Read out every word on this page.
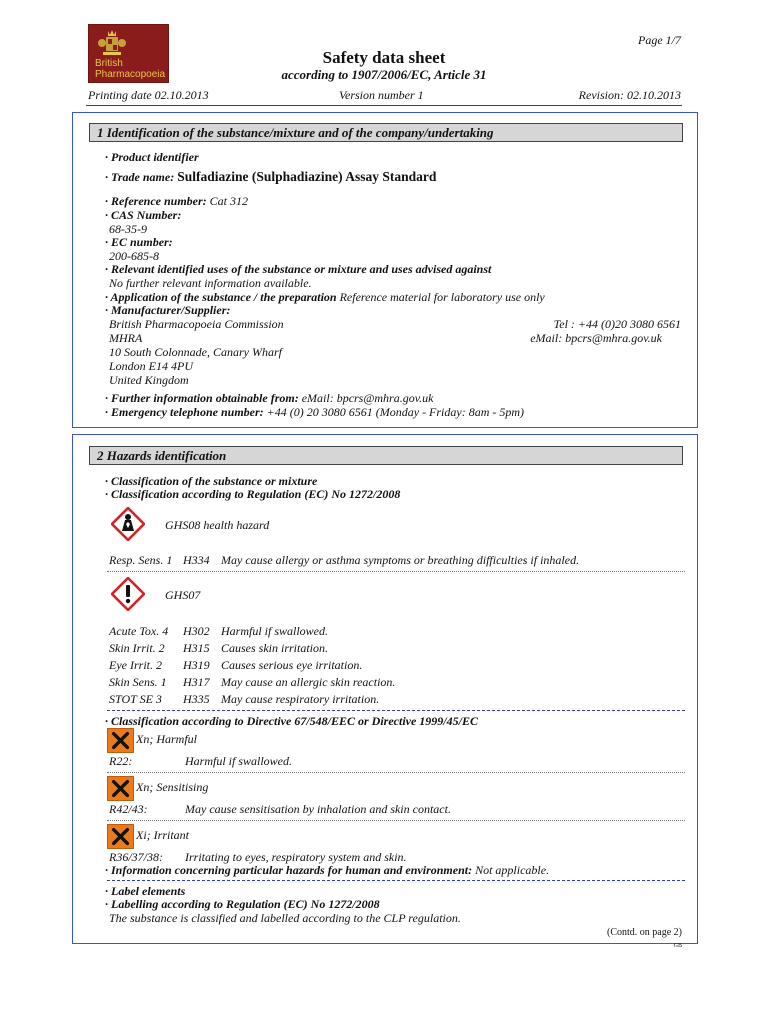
British
Pharmacopoeia
Page 1/7
Safety data sheet
according to 1907/2006/EC, Article 31
Printing date 02.10.2013	Version number 1	Revision: 02.10.2013
1 Identification of the substance/mixture and of the company/undertaking
· Product identifier
· Trade name: Sulfadiazine (Sulphadiazine) Assay Standard
· Reference number: Cat 312
· CAS Number:
68-35-9
· EC number:
200-685-8
· Relevant identified uses of the substance or mixture and uses advised against
No further relevant information available.
· Application of the substance / the preparation Reference material for laboratory use only
· Manufacturer/Supplier:
British Pharmacopoeia Commission
MHRA
10 South Colonnade, Canary Wharf
London E14 4PU
United Kingdom
Tel : +44 (0)20 3080 6561
eMail: bpcrs@mhra.gov.uk
· Further information obtainable from: eMail: bpcrs@mhra.gov.uk
· Emergency telephone number: +44 (0) 20 3080 6561 (Monday - Friday: 8am - 5pm)
2 Hazards identification
· Classification of the substance or mixture
· Classification according to Regulation (EC) No 1272/2008
GHS08 health hazard
Resp. Sens. 1 H334 May cause allergy or asthma symptoms or breathing difficulties if inhaled.
GHS07
Acute Tox. 4 H302 Harmful if swallowed.
Skin Irrit. 2 H315 Causes skin irritation.
Eye Irrit. 2 H319 Causes serious eye irritation.
Skin Sens. 1 H317 May cause an allergic skin reaction.
STOT SE 3 H335 May cause respiratory irritation.
· Classification according to Directive 67/548/EEC or Directive 1999/45/EC
Xn; Harmful
R22:	Harmful if swallowed.
Xn; Sensitising
R42/43:	May cause sensitisation by inhalation and skin contact.
Xi; Irritant
R36/37/38: Irritating to eyes, respiratory system and skin.
· Information concerning particular hazards for human and environment: Not applicable.
· Label elements
· Labelling according to Regulation (EC) No 1272/2008
The substance is classified and labelled according to the CLP regulation.
(Contd. on page 2)
GB
